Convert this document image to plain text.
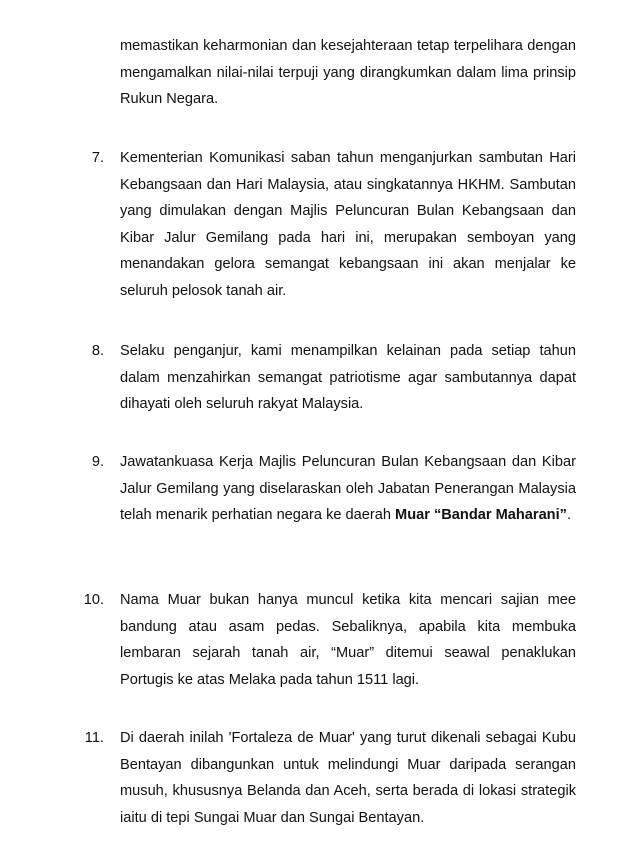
memastikan keharmonian dan kesejahteraan tetap terpelihara dengan mengamalkan nilai-nilai terpuji yang dirangkumkan dalam lima prinsip Rukun Negara.
7. Kementerian Komunikasi saban tahun menganjurkan sambutan Hari Kebangsaan dan Hari Malaysia, atau singkatannya HKHM. Sambutan yang dimulakan dengan Majlis Peluncuran Bulan Kebangsaan dan Kibar Jalur Gemilang pada hari ini, merupakan semboyan yang menandakan gelora semangat kebangsaan ini akan menjalar ke seluruh pelosok tanah air.
8. Selaku penganjur, kami menampilkan kelainan pada setiap tahun dalam menzahirkan semangat patriotisme agar sambutannya dapat dihayati oleh seluruh rakyat Malaysia.
9. Jawatankuasa Kerja Majlis Peluncuran Bulan Kebangsaan dan Kibar Jalur Gemilang yang diselaraskan oleh Jabatan Penerangan Malaysia telah menarik perhatian negara ke daerah Muar “Bandar Maharani”.
10. Nama Muar bukan hanya muncul ketika kita mencari sajian mee bandung atau asam pedas. Sebaliknya, apabila kita membuka lembaran sejarah tanah air, “Muar” ditemui seawal penaklukan Portugis ke atas Melaka pada tahun 1511 lagi.
11. Di daerah inilah 'Fortaleza de Muar' yang turut dikenali sebagai Kubu Bentayan dibangunkan untuk melindungi Muar daripada serangan musuh, khususnya Belanda dan Aceh, serta berada di lokasi strategik iaitu di tepi Sungai Muar dan Sungai Bentayan.
